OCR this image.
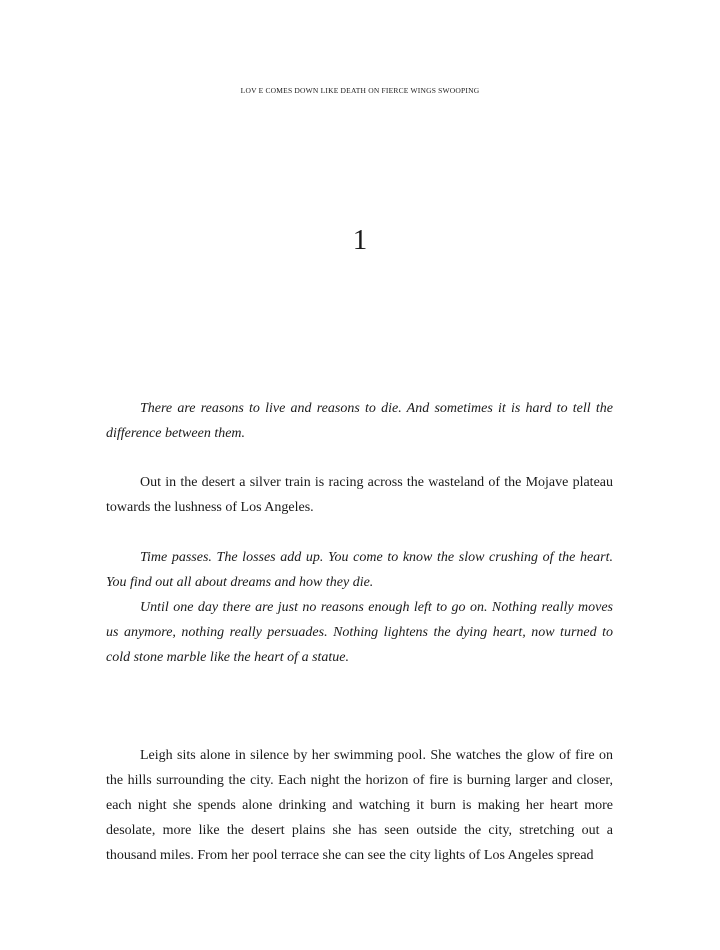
LOV E COMES DOWN LIKE DEATH ON FIERCE WINGS SWOOPING
1

There are reasons to live and reasons to die. And sometimes it is hard to tell the difference between them.

Out in the desert a silver train is racing across the wasteland of the Mojave plateau towards the lushness of Los Angeles.

Time passes. The losses add up. You come to know the slow crushing of the heart. You find out all about dreams and how they die.

Until one day there are just no reasons enough left to go on. Nothing really moves us anymore, nothing really persuades. Nothing lightens the dying heart, now turned to cold stone marble like the heart of a statue.

Leigh sits alone in silence by her swimming pool. She watches the glow of fire on the hills surrounding the city. Each night the horizon of fire is burning larger and closer, each night she spends alone drinking and watching it burn is making her heart more desolate, more like the desert plains she has seen outside the city, stretching out a thousand miles. From her pool terrace she can see the city lights of Los Angeles spread
